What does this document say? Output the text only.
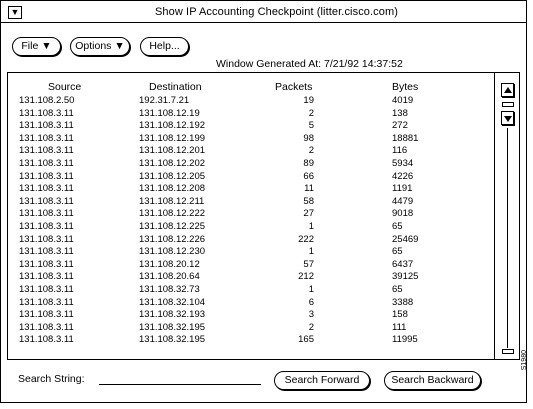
▼	Show IP Accounting Checkpoint (litter.cisco.com)
File ▼	Options ▼	Help...
Window Generated At: 7/21/92 14:37:52
Source	Destination	Packets	Bytes
131.108.2.50	192.31.7.21	19	4019
131.108.3.11	131.108.12.19	2	138
131.108.3.11	131.108.12.192	5	272
131.108.3.11	131.108.12.199	98	18881
131.108.3.11	131.108.12.201	2	116
131.108.3.11	131.108.12.202	89	5934
131.108.3.11	131.108.12.205	66	4226
131.108.3.11	131.108.12.208	11	1191
131.108.3.11	131.108.12.211	58	4479
131.108.3.11	131.108.12.222	27	9018
131.108.3.11	131.108.12.225	1	65
131.108.3.11	131.108.12.226	222	25469
131.108.3.11	131.108.12.230	1	65
131.108.3.11	131.108.20.12	57	6437
131.108.3.11	131.108.20.64	212	39125
131.108.3.11	131.108.32.73	1	65
131.108.3.11	131.108.32.104	6	3388
131.108.3.11	131.108.32.193	3	158
131.108.3.11	131.108.32.195	2	111
131.108.3.11	131.108.32.195	165	11995
Search String:	Search Forward	Search Backward
S1980
